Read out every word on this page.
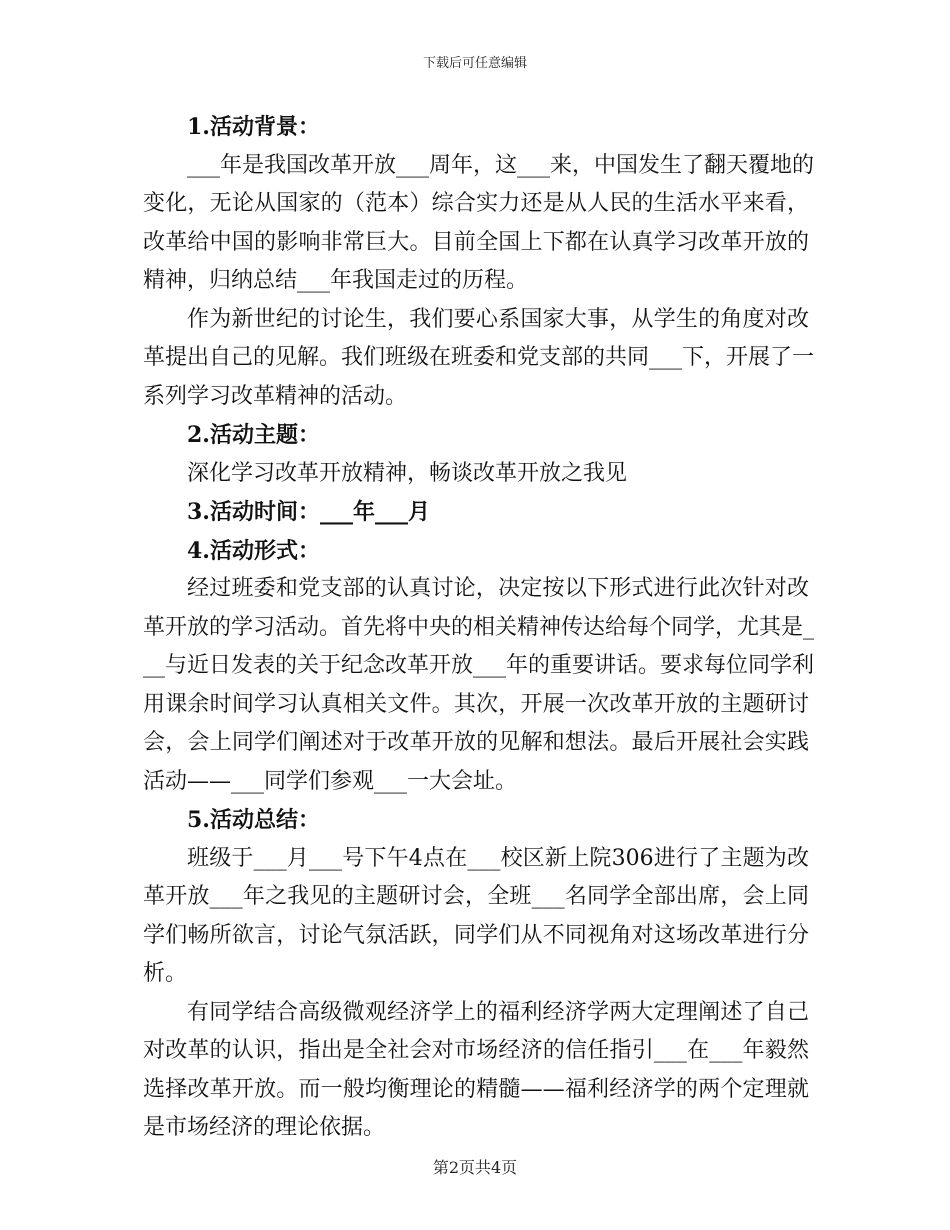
下载后可任意编辑
1.活动背景：
___年是我国改革开放___周年，这___来，中国发生了翻天覆地的
变化，无论从国家的（范本）综合实力还是从人民的生活水平来看，
改革给中国的影响非常巨大。目前全国上下都在认真学习改革开放的
精神，归纳总结___年我国走过的历程。
作为新世纪的讨论生，我们要心系国家大事，从学生的角度对改
革提出自己的见解。我们班级在班委和党支部的共同___下，开展了一
系列学习改革精神的活动。
2.活动主题：
深化学习改革开放精神，畅谈改革开放之我见
3.活动时间：___年___月
4.活动形式：
经过班委和党支部的认真讨论，决定按以下形式进行此次针对改
革开放的学习活动。首先将中央的相关精神传达给每个同学，尤其是_
__与近日发表的关于纪念改革开放___年的重要讲话。要求每位同学利
用课余时间学习认真相关文件。其次，开展一次改革开放的主题研讨
会，会上同学们阐述对于改革开放的见解和想法。最后开展社会实践
活动——___同学们参观___一大会址。
5.活动总结：
班级于___月___号下午4点在___校区新上院306进行了主题为改
革开放___年之我见的主题研讨会，全班___名同学全部出席，会上同
学们畅所欲言，讨论气氛活跃，同学们从不同视角对这场改革进行分
析。
有同学结合高级微观经济学上的福利经济学两大定理阐述了自己
对改革的认识，指出是全社会对市场经济的信任指引___在___年毅然
选择改革开放。而一般均衡理论的精髓——福利经济学的两个定理就
是市场经济的理论依据。
第2页共4页
